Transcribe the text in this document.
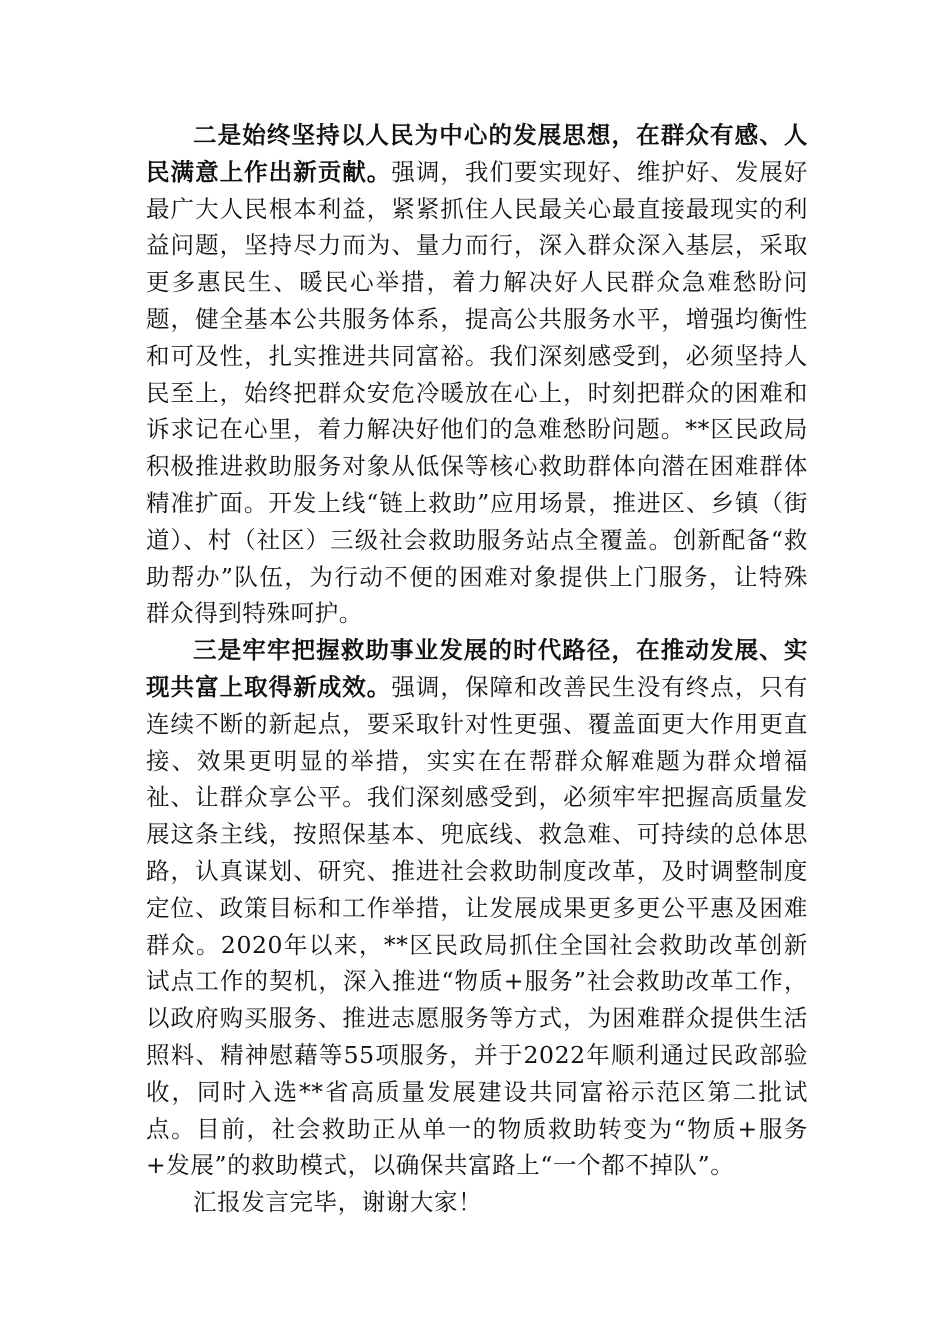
二是始终坚持以人民为中心的发展思想，在群众有感、人民满意上作出新贡献。强调，我们要实现好、维护好、发展好最广大人民根本利益，紧紧抓住人民最关心最直接最现实的利益问题，坚持尽力而为、量力而行，深入群众深入基层，采取更多惠民生、暖民心举措，着力解决好人民群众急难愁盼问题，健全基本公共服务体系，提高公共服务水平，增强均衡性和可及性，扎实推进共同富裕。我们深刻感受到，必须坚持人民至上，始终把群众安危冷暖放在心上，时刻把群众的困难和诉求记在心里，着力解决好他们的急难愁盼问题。**区民政局积极推进救助服务对象从低保等核心救助群体向潜在困难群体精准扩面。开发上线“链上救助”应用场景，推进区、乡镇（街道）、村（社区）三级社会救助服务站点全覆盖。创新配备“救助帮办”队伍，为行动不便的困难对象提供上门服务，让特殊群众得到特殊呵护。

三是牢牢把握救助事业发展的时代路径，在推动发展、实现共富上取得新成效。强调，保障和改善民生没有终点，只有连续不断的新起点，要采取针对性更强、覆盖面更大作用更直接、效果更明显的举措，实实在在帮群众解难题为群众增福祉、让群众享公平。我们深刻感受到，必须牢牢把握高质量发展这条主线，按照保基本、兜底线、救急难、可持续的总体思路，认真谋划、研究、推进社会救助制度改革，及时调整制度定位、政策目标和工作举措，让发展成果更多更公平惠及困难群众。2020年以来，**区民政局抓住全国社会救助改革创新试点工作的契机，深入推进“物质+服务”社会救助改革工作，以政府购买服务、推进志愿服务等方式，为困难群众提供生活照料、精神慰藉等55项服务，并于2022年顺利通过民政部验收，同时入选**省高质量发展建设共同富裕示范区第二批试点。目前，社会救助正从单一的物质救助转变为“物质+服务+发展”的救助模式，以确保共富路上“一个都不掉队”。

汇报发言完毕，谢谢大家！
